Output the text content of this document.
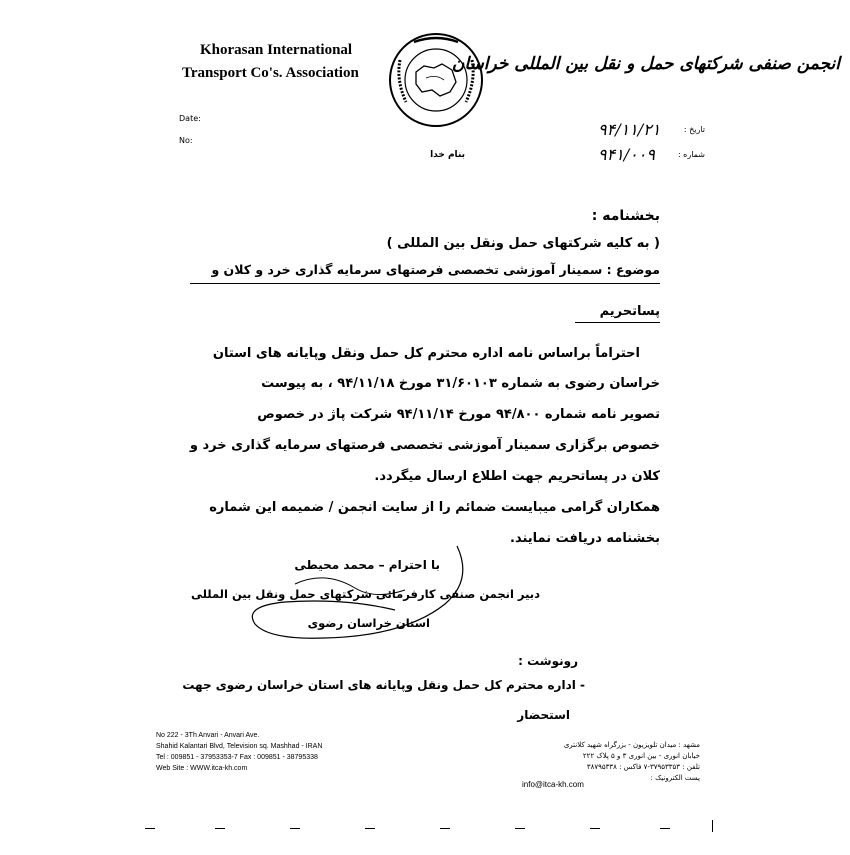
Khorasan International
Transport Co's. Association	انجمن صنفی شرکتهای حمل و نقل بین المللی خراسان
Date:
No:
تاریخ :
شماره :
۹۴/۱۱/۲۱
۹۴۱/۰۰۹
بنام خدا
بخشنامه :
( به کلیه شرکتهای حمل ونقل بین المللی )
موضوع : سمینار آموزشی تخصصی فرصتهای سرمایه گذاری خرد و کلان و
پساتحریم
احتراماً براساس نامه اداره محترم کل حمل ونقل وپایانه های استان
خراسان رضوی به شماره ۳۱/۶۰۱۰۳ مورخ ۹۴/۱۱/۱۸ ، به پیوست
تصویر نامه شماره ۹۴/۸۰۰ مورخ ۹۴/۱۱/۱۴ شرکت پاژ در خصوص
خصوص برگزاری سمینار آموزشی تخصصی فرصتهای سرمایه گذاری خرد و
کلان در پساتحریم جهت اطلاع ارسال میگردد.
همکاران گرامی میبایست ضمائم را از سایت انجمن / ضمیمه این شماره
بخشنامه دریافت نمایند.
با احترام – محمد محیطی
دبیر انجمن صنفی کارفرمائی شرکتهای حمل ونقل بین المللی
استان خراسان رضوی
رونوشت :
- اداره محترم کل حمل ونقل وپایانه های استان خراسان رضوی جهت
استحضار
No 222 - 3Th Anvari - Anvari Ave.
Shahid Kalantari Blvd, Television sq. Mashhad - IRAN
Tel : 009851 - 37953353-7 Fax : 009851 - 38795338
Web Site : WWW.itca-kh.com
مشهد : میدان تلویزیون - بزرگراه شهید کلانتری
خیابان انوری - بین انوری ۳ و ۵ پلاک ۲۲۲
تلفن : ۳۷۹۵۳۳۵۳-۷ فاکس : ۳۸۷۹۵۳۳۸
پست الکترونیک :
info@itca-kh.com
